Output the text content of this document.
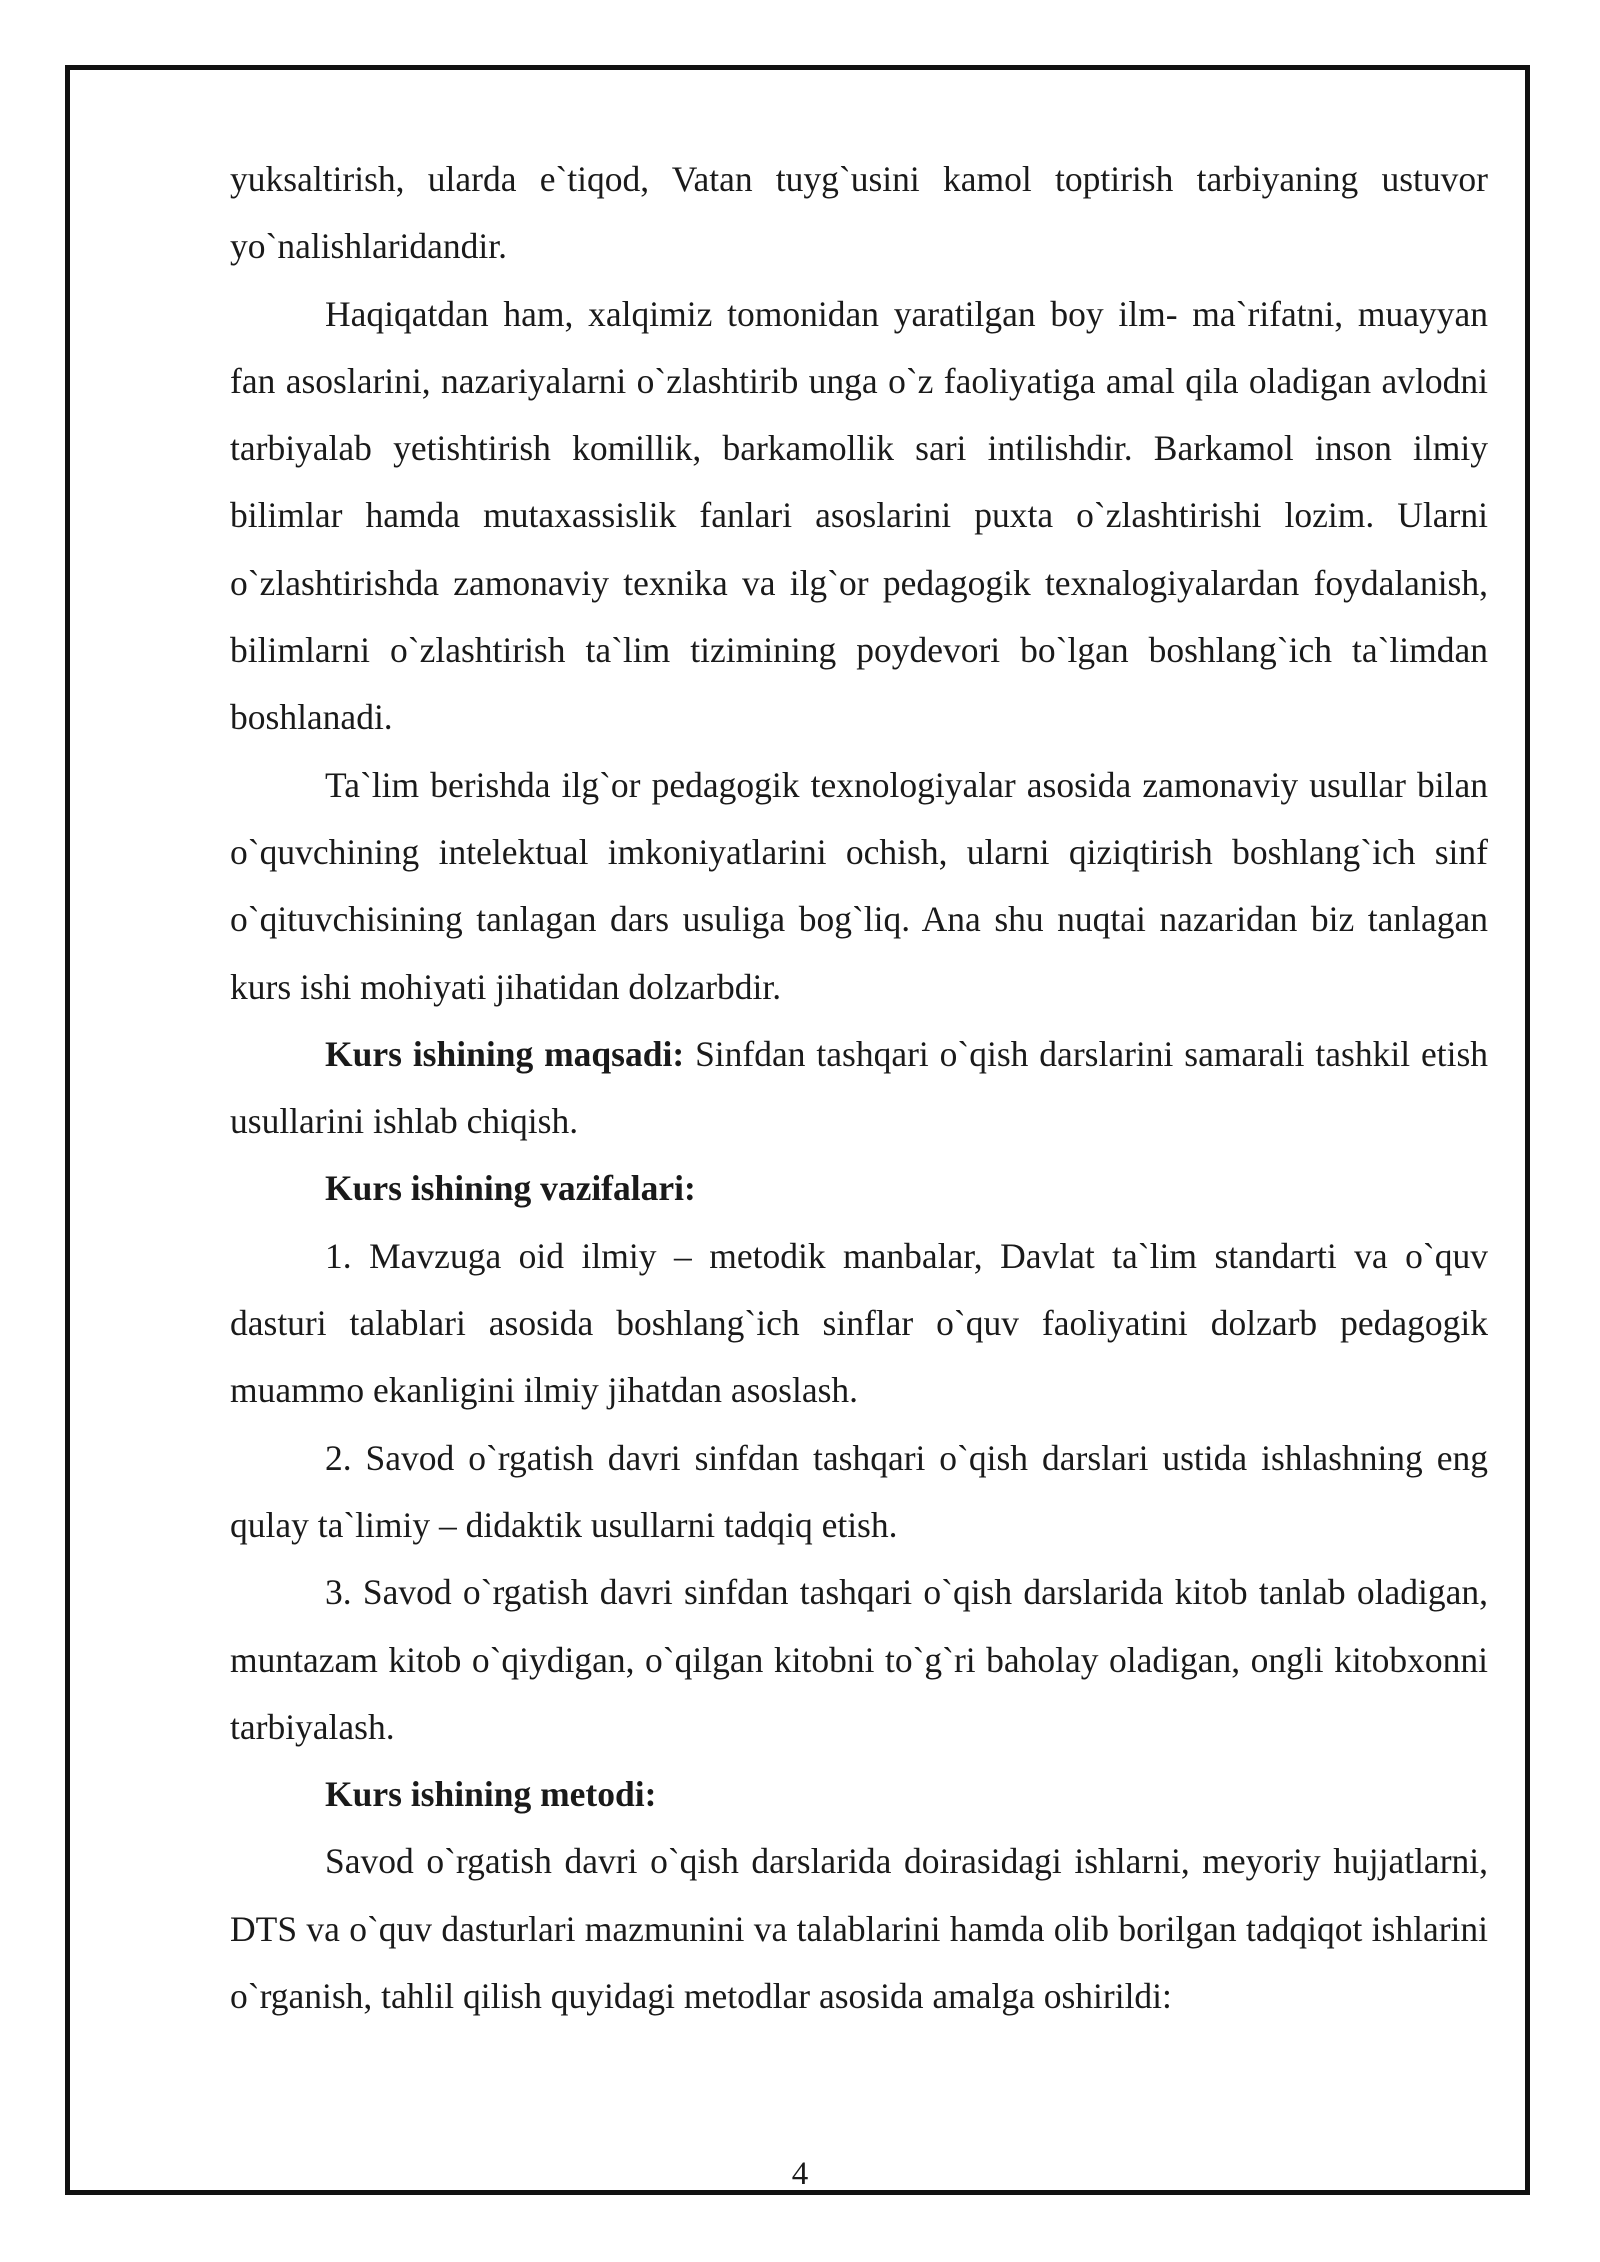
yuksaltirish, ularda e`tiqod, Vatan tuyg`usini kamol toptirish tarbiyaning ustuvor yo`nalishlaridandir.

Haqiqatdan ham, xalqimiz tomonidan yaratilgan boy ilm- ma`rifatni, muayyan fan asoslarini, nazariyalarni o`zlashtirib unga o`z faoliyatiga amal qila oladigan avlodni tarbiyalab yetishtirish komillik, barkamollik sari intilishdir. Barkamol inson ilmiy bilimlar hamda mutaxassislik fanlari asoslarini puxta o`zlashtirishi lozim. Ularni o`zlashtirishda zamonaviy texnika va ilg`or pedagogik texnalogiyalardan foydalanish, bilimlarni o`zlashtirish ta`lim tizimining poydevori bo`lgan boshlang`ich ta`limdan boshlanadi.

Ta`lim berishda ilg`or pedagogik texnologiyalar asosida zamonaviy usullar bilan o`quvchining intelektual imkoniyatlarini ochish, ularni qiziqtirish boshlang`ich sinf o`qituvchisining tanlagan dars usuliga bog`liq. Ana shu nuqtai nazaridan biz tanlagan kurs ishi mohiyati jihatidan dolzarbdir.

Kurs ishining maqsadi: Sinfdan tashqari o`qish darslarini samarali tashkil etish usullarini ishlab chiqish.

Kurs ishining vazifalari:

1. Mavzuga oid ilmiy – metodik manbalar, Davlat ta`lim standarti va o`quv dasturi talablari asosida boshlang`ich sinflar o`quv faoliyatini dolzarb pedagogik muammo ekanligini ilmiy jihatdan asoslash.

2. Savod o`rgatish davri sinfdan tashqari o`qish darslari ustida ishlashning eng qulay ta`limiy – didaktik usullarni tadqiq etish.

3. Savod o`rgatish davri sinfdan tashqari o`qish darslarida kitob tanlab oladigan, muntazam kitob o`qiydigan, o`qilgan kitobni to`g`ri baholay oladigan, ongli kitobxonni tarbiyalash.

Kurs ishining metodi:

Savod o`rgatish davri o`qish darslarida doirasidagi ishlarni, meyoriy hujjatlarni, DTS va o`quv dasturlari mazmunini va talablarini hamda olib borilgan tadqiqot ishlarini o`rganish, tahlil qilish quyidagi metodlar asosida amalga oshirildi:

4
